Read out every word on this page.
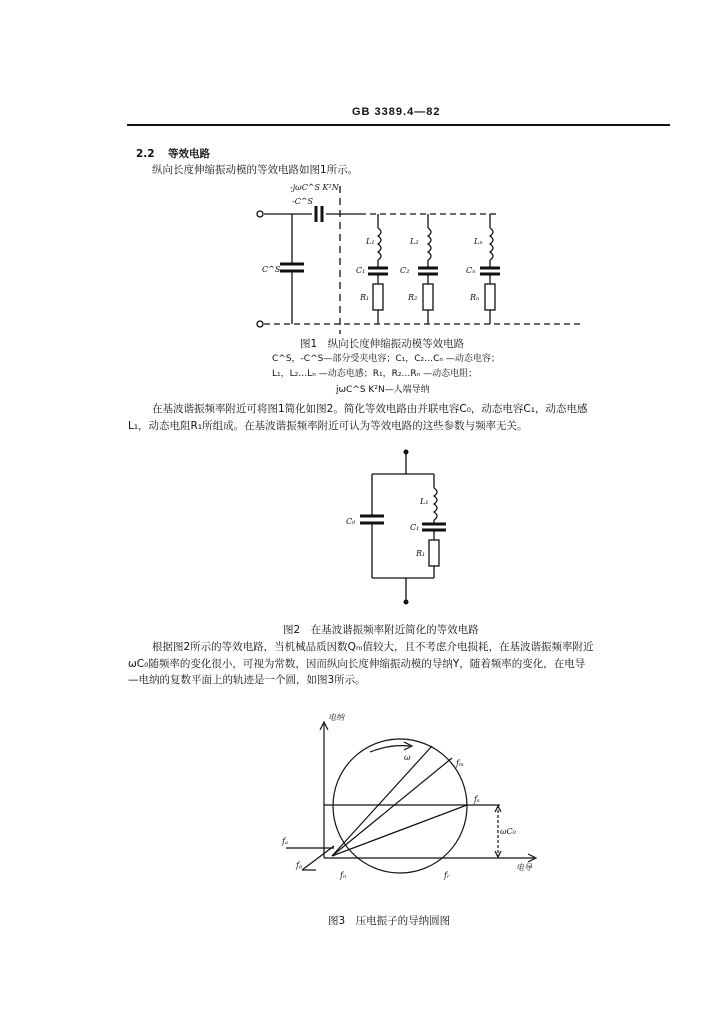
GB 3389.4—82
2.2 等效电路
纵向长度伸缩振动模的等效电路如图1所示。
-jωC^S K²N
-C^S
C^S
L₁	L₂	Lₙ
C₁	C₂	Cₙ
R₁	R₂	Rₙ
图1　纵向长度伸缩振动模等效电路
C^S，-C^S—部分受夹电容；C₁，C₂…Cₙ —动态电容；
L₁，L₂…Lₙ —动态电感；R₁，R₂…Rₙ —动态电阻；
jωC^S K²N—人端导纳
在基波谐振频率附近可将图1简化如图2。简化等效电路由并联电容C₀，动态电容C₁，动态电感
L₁，动态电阻R₁所组成。在基波谐振频率附近可认为等效电路的这些参数与频率无关。
C₀
L₁
C₁
R₁
图2　在基波谐振频率附近简化的等效电路
根据图2所示的等效电路，当机械品质因数Qₘ值较大，且不考虑介电损耗，在基波谐振频率附近
ωC₀随频率的变化很小，可视为常数，因而纵向长度伸缩振动模的导纳Y，随着频率的变化，在电导
—电纳的复数平面上的轨迹是一个圆，如图3所示。
电纳
电导
ω
fₘ
fₛ
ωC₀
fₐ
fₚ
fₙ	fᵣ
图3　压电振子的导纳圆图
